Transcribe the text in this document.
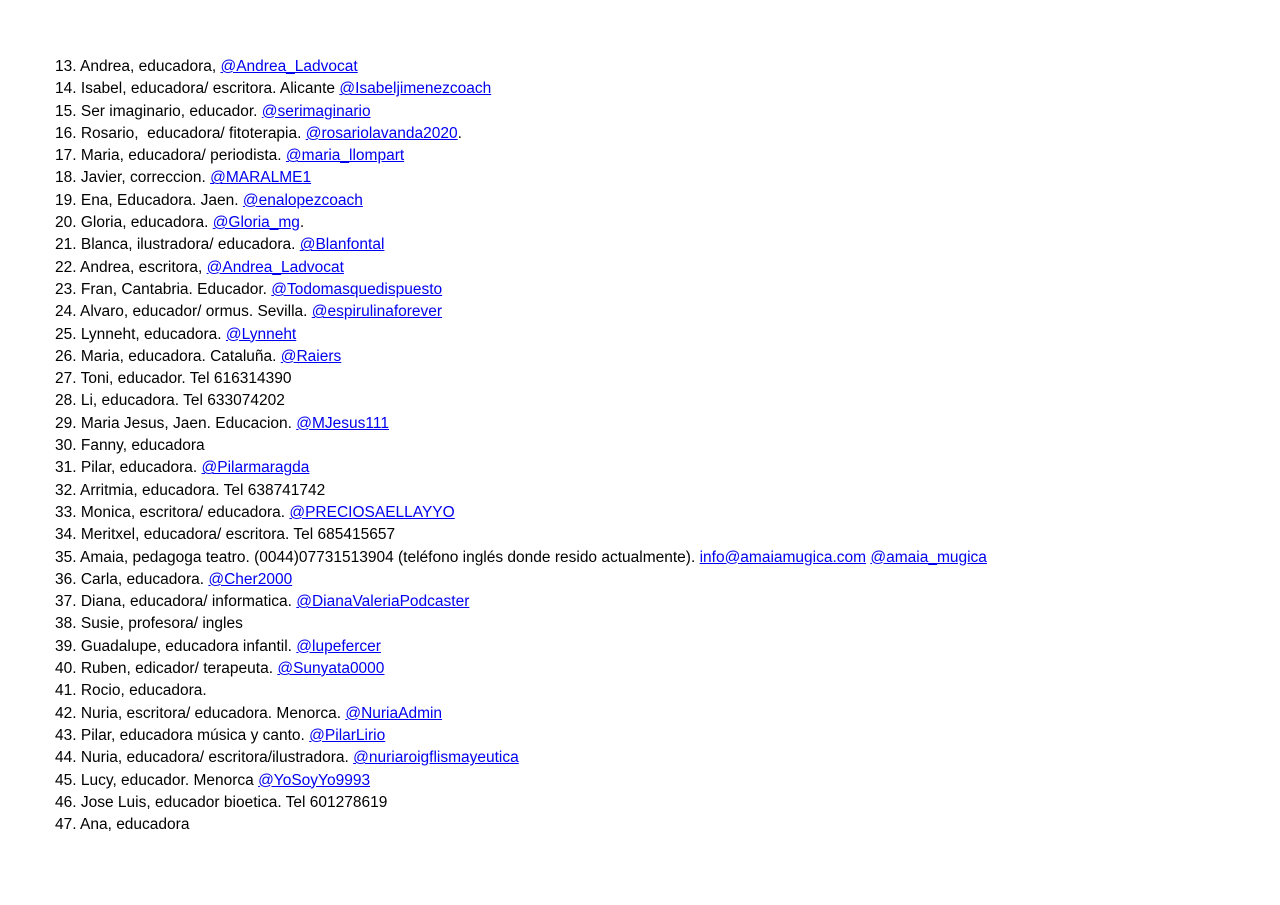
13. Andrea, educadora, @Andrea_Ladvocat
14. Isabel, educadora/ escritora. Alicante @Isabeljimenezcoach
15. Ser imaginario, educador. @serimaginario
16. Rosario,  educadora/ fitoterapia. @rosariolavanda2020.
17. Maria, educadora/ periodista. @maria_llompart
18. Javier, correccion. @MARALME1
19. Ena, Educadora. Jaen. @enalopezcoach
20. Gloria, educadora. @Gloria_mg.
21. Blanca, ilustradora/ educadora. @Blanfontal
22. Andrea, escritora, @Andrea_Ladvocat
23. Fran, Cantabria. Educador. @Todomasquedispuesto
24. Alvaro, educador/ ormus. Sevilla. @espirulinaforever
25. Lynneht, educadora. @Lynneht
26. Maria, educadora. Cataluña. @Raiers
27. Toni, educador. Tel 616314390
28. Li, educadora. Tel 633074202
29. Maria Jesus, Jaen. Educacion. @MJesus111
30. Fanny, educadora
31. Pilar, educadora. @Pilarmaragda
32. Arritmia, educadora. Tel 638741742
33. Monica, escritora/ educadora. @PRECIOSAELLAYYO
34. Meritxel, educadora/ escritora. Tel 685415657
35. Amaia, pedagoga teatro. (0044)07731513904 (teléfono inglés donde resido actualmente). info@amaiamugica.com @amaia_mugica
36. Carla, educadora. @Cher2000
37. Diana, educadora/ informatica. @DianaValeriaPodcaster
38. Susie, profesora/ ingles
39. Guadalupe, educadora infantil. @lupefercer
40. Ruben, edicador/ terapeuta. @Sunyata0000
41. Rocio, educadora.
42. Nuria, escritora/ educadora. Menorca. @NuriaAdmin
43. Pilar, educadora música y canto. @PilarLirio
44. Nuria, educadora/ escritora/ilustradora. @nuriaroigflismayeutica
45. Lucy, educador. Menorca @YoSoyYo9993
46. Jose Luis, educador bioetica. Tel 601278619
47. Ana, educadora
